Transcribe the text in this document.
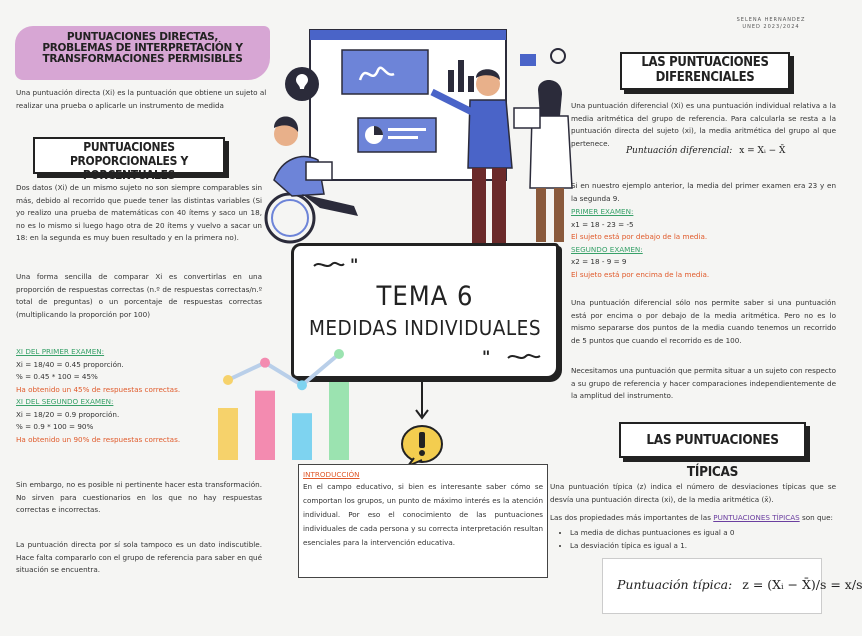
SELENA HERNANDEZ
UNED 2023/2024
PUNTUACIONES DIRECTAS, PROBLEMAS DE INTERPRETACIÓN Y TRANSFORMACIONES PERMISIBLES
Una puntuación directa (Xi) es la puntuación que obtiene un sujeto al realizar una prueba o aplicarle un instrumento de medida
PUNTUACIONES PROPORCIONALES Y PORCENTUALES
Dos datos (Xi) de un mismo sujeto no son siempre comparables sin más, debido al recorrido que puede tener las distintas variables (Si yo realizo una prueba de matemáticas con 40 ítems y saco un 18, no es lo mismo si luego hago otra de 20 ítems y vuelvo a sacar un 18: en la segunda es muy buen resultado y en la primera no).
Una forma sencilla de comparar Xi es convertirlas en una proporción de respuestas correctas (n.º de respuestas correctas/n.º total de preguntas) o un porcentaje de respuestas correctas (multiplicando la proporción por 100)
XI DEL PRIMER EXAMEN:
Xi = 18/40 = 0.45 proporción.
% = 0.45 * 100 = 45%
Ha obtenido un 45% de respuestas correctas.
XI DEL SEGUNDO EXAMEN:
Xi = 18/20 = 0.9 proporción.
% = 0.9 * 100 = 90%
Ha obtenido un 90% de respuestas correctas.
Sin embargo, no es posible ni pertinente hacer esta transformación. No sirven para cuestionarios en los que no hay respuestas correctas e incorrectas.
La puntuación directa por sí sola tampoco es un dato indiscutible. Hace falta compararlo con el grupo de referencia para saber en qué situación se encuentra.
"
TEMA 6
MEDIDAS INDIVIDUALES
"
INTRODUCCIÓN
En el campo educativo, si bien es interesante saber cómo se comportan los grupos, un punto de máximo interés es la atención individual. Por eso el conocimiento de las puntuaciones individuales de cada persona y su correcta interpretación resultan esenciales para la intervención educativa.
LAS PUNTUACIONES DIFERENCIALES
Una puntuación diferencial (Xi) es una puntuación individual relativa a la media aritmética del grupo de referencia. Para calcularla se resta a la puntuación directa del sujeto (xi), la media aritmética del grupo al que pertenece.
Puntuación diferencial: x = Xᵢ − X̄
Si en nuestro ejemplo anterior, la media del primer examen era 23 y en la segunda 9.
PRIMER EXAMEN:
x1 = 18 - 23 = -5
El sujeto está por debajo de la media.
SEGUNDO EXAMEN:
x2 = 18 - 9 = 9
El sujeto está por encima de la media.
Una puntuación diferencial sólo nos permite saber si una puntuación está por encima o por debajo de la media aritmética. Pero no es lo mismo separarse dos puntos de la media cuando tenemos un recorrido de 5 puntos que cuando el recorrido es de 100.
Necesitamos una puntuación que permita situar a un sujeto con respecto a su grupo de referencia y hacer comparaciones independientemente de la amplitud del instrumento.
LAS PUNTUACIONES TÍPICAS
Una puntuación típica (z) indica el número de desviaciones típicas que se desvía una puntuación directa (xi), de la media aritmética (x̄).
Las dos propiedades más importantes de las PUNTUACIONES TÍPICAS son que:
• La media de dichas puntuaciones es igual a 0
• La desviación típica es igual a 1.
Puntuación típica: z = (Xᵢ − X̄)/s = x/s
